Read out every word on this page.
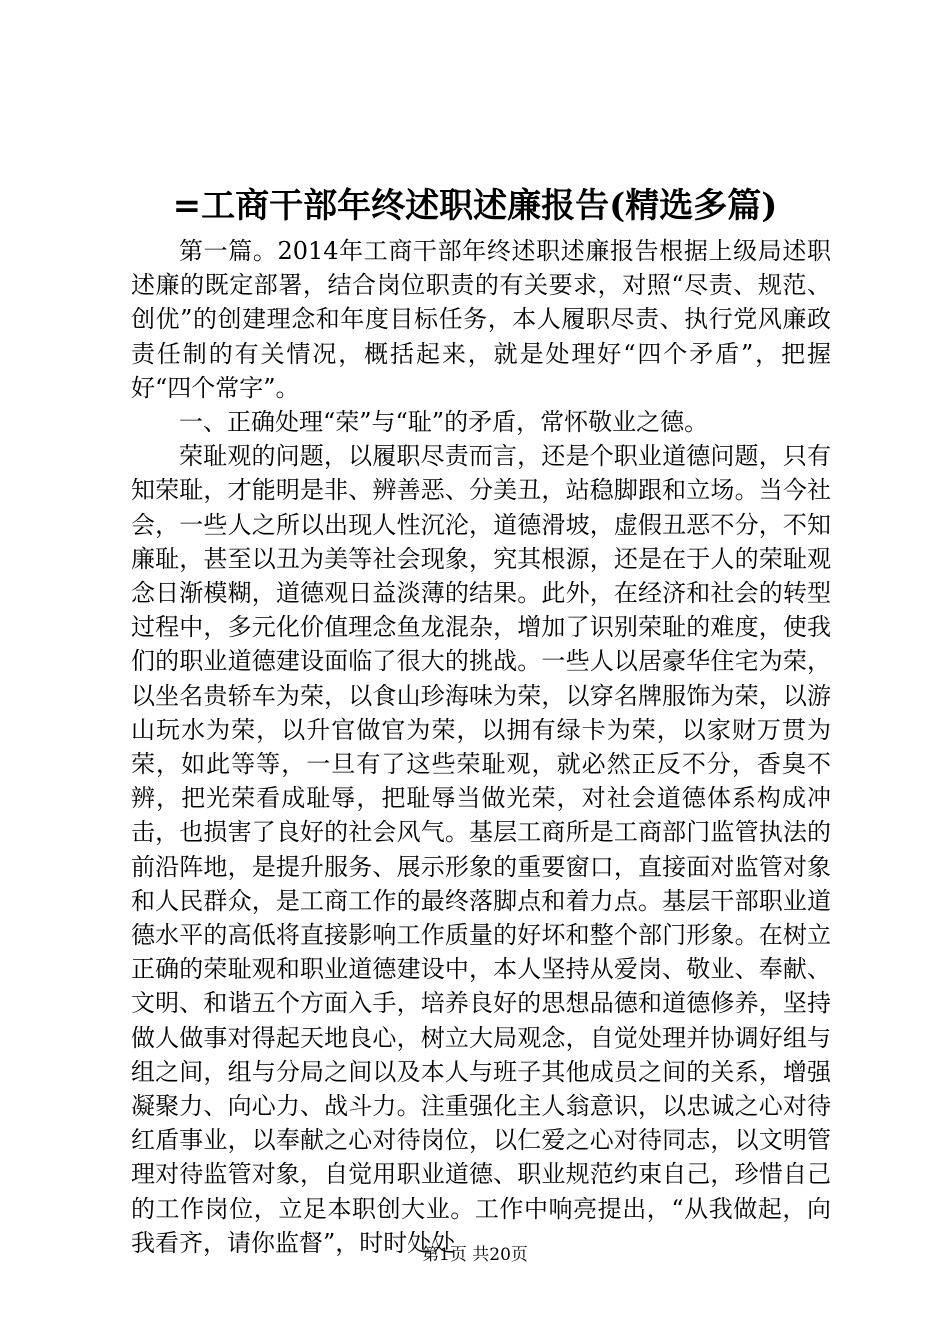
=工商干部年终述职述廉报告(精选多篇)

第一篇。2014年工商干部年终述职述廉报告根据上级局述职述廉的既定部署，结合岗位职责的有关要求，对照“尽责、规范、创优”的创建理念和年度目标任务，本人履职尽责、执行党风廉政责任制的有关情况，概括起来，就是处理好“四个矛盾”，把握好“四个常字”。

一、正确处理“荣”与“耻”的矛盾，常怀敬业之德。

荣耻观的问题，以履职尽责而言，还是个职业道德问题，只有知荣耻，才能明是非、辨善恶、分美丑，站稳脚跟和立场。当今社会，一些人之所以出现人性沉沦，道德滑坡，虚假丑恶不分，不知廉耻，甚至以丑为美等社会现象，究其根源，还是在于人的荣耻观念日渐模糊，道德观日益淡薄的结果。此外，在经济和社会的转型过程中，多元化价值理念鱼龙混杂，增加了识别荣耻的难度，使我们的职业道德建设面临了很大的挑战。一些人以居豪华住宅为荣，以坐名贵轿车为荣，以食山珍海味为荣，以穿名牌服饰为荣，以游山玩水为荣，以升官做官为荣，以拥有绿卡为荣，以家财万贯为荣，如此等等，一旦有了这些荣耻观，就必然正反不分，香臭不辨，把光荣看成耻辱，把耻辱当做光荣，对社会道德体系构成冲击，也损害了良好的社会风气。基层工商所是工商部门监管执法的前沿阵地，是提升服务、展示形象的重要窗口，直接面对监管对象和人民群众，是工商工作的最终落脚点和着力点。基层干部职业道德水平的高低将直接影响工作质量的好坏和整个部门形象。在树立正确的荣耻观和职业道德建设中，本人坚持从爱岗、敬业、奉献、文明、和谐五个方面入手，培养良好的思想品德和道德修养，坚持做人做事对得起天地良心，树立大局观念，自觉处理并协调好组与组之间，组与分局之间以及本人与班子其他成员之间的关系，增强凝聚力、向心力、战斗力。注重强化主人翁意识，以忠诚之心对待红盾事业，以奉献之心对待岗位，以仁爱之心对待同志，以文明管理对待监管对象，自觉用职业道德、职业规范约束自己，珍惜自己的工作岗位，立足本职创大业。工作中响亮提出，“从我做起，向我看齐，请你监督”，时时处处

第1页 共20页
